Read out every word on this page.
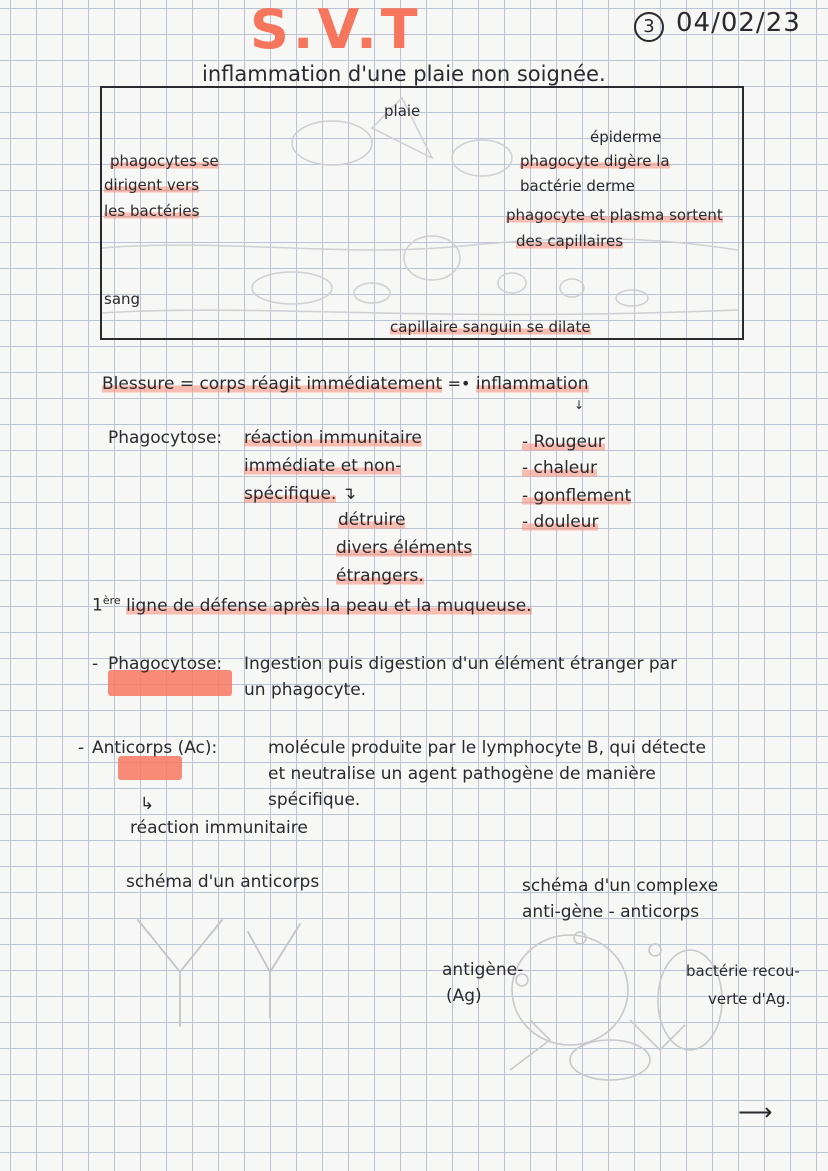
S.V.T	3 04/02/23
inflammation d'une plaie non soignée.
plaie
épiderme
phagocyte digère la
bactérie derme
phagocyte et plasma sortent
des capillaires
phagocytes se
dirigent vers
les bactéries
sang
capillaire sanguin se dilate
Blessure = corps réagit immédiatement =• inflammation
↓
Phagocytose: réaction immunitaire
immédiate et non-
spécifique. ↴
détruire
divers éléments
étrangers.
- Rougeur
- chaleur
- gonflement
- douleur
1ère ligne de défense après la peau et la muqueuse.
- Phagocytose: Ingestion puis digestion d'un élément étranger par
un phagocyte.
- Anticorps (Ac):	molécule produite par le lymphocyte B, qui détecte
et neutralise un agent pathogène de manière
spécifique.
↳
réaction immunitaire
schéma d'un anticorps	schéma d'un complexe
anti-gène - anticorps
antigène-
(Ag)
bactérie recou-
verte d'Ag.
⟶
